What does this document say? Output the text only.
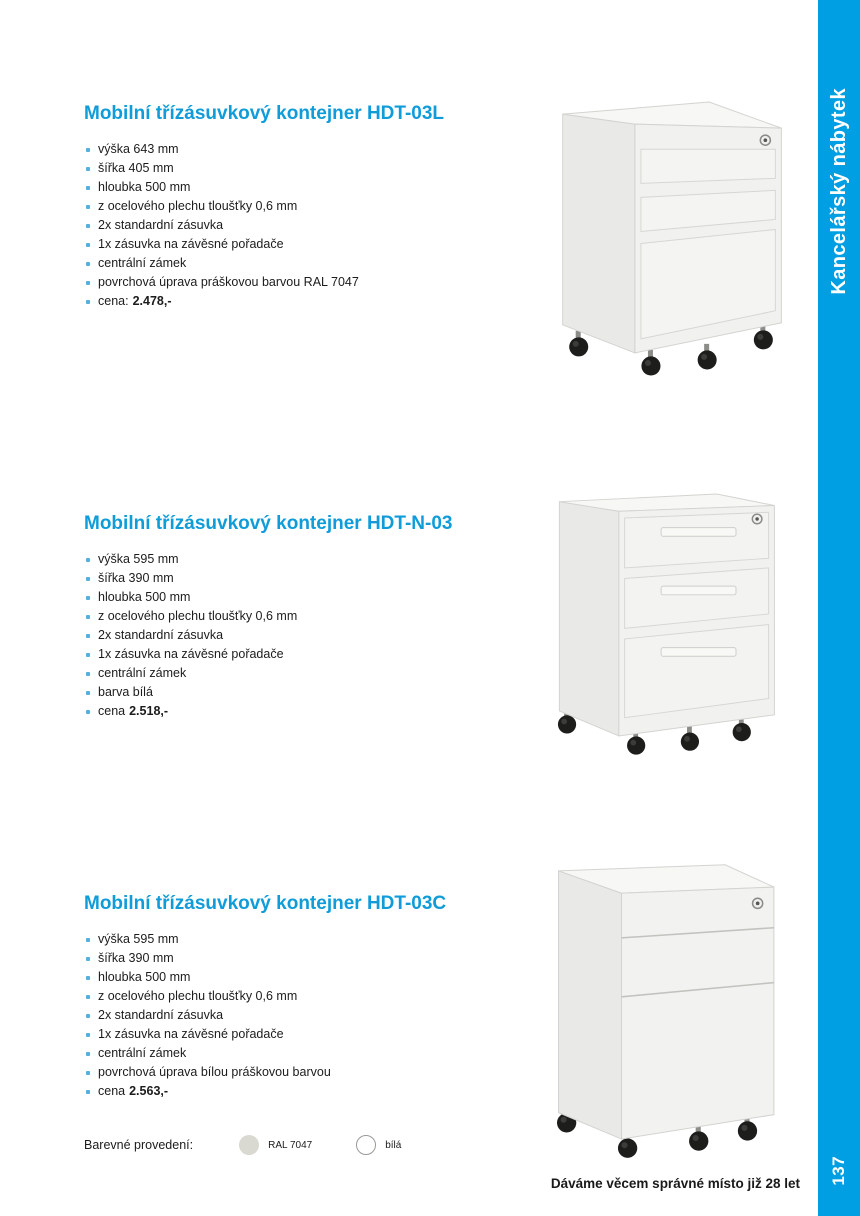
Kancelářský nábytek
137
Mobilní třízásuvkový kontejner HDT-03L
výška 643 mm
šířka 405 mm
hloubka 500 mm
z ocelového plechu tloušťky 0,6 mm
2x standardní zásuvka
1x zásuvka na závěsné pořadače
centrální zámek
povrchová úprava práškovou barvou RAL 7047
cena: 2.478,-
Mobilní třízásuvkový kontejner HDT-N-03
výška 595 mm
šířka 390 mm
hloubka 500 mm
z ocelového plechu tloušťky 0,6 mm
2x standardní zásuvka
1x zásuvka na závěsné pořadače
centrální zámek
barva bílá
cena 2.518,-
Mobilní třízásuvkový kontejner HDT-03C
výška 595 mm
šířka 390 mm
hloubka 500 mm
z ocelového plechu tloušťky 0,6 mm
2x standardní zásuvka
1x zásuvka na závěsné pořadače
centrální zámek
povrchová úprava bílou práškovou barvou
cena 2.563,-
Barevné provedení:	RAL 7047	bílá
Dáváme věcem správné místo již 28 let
